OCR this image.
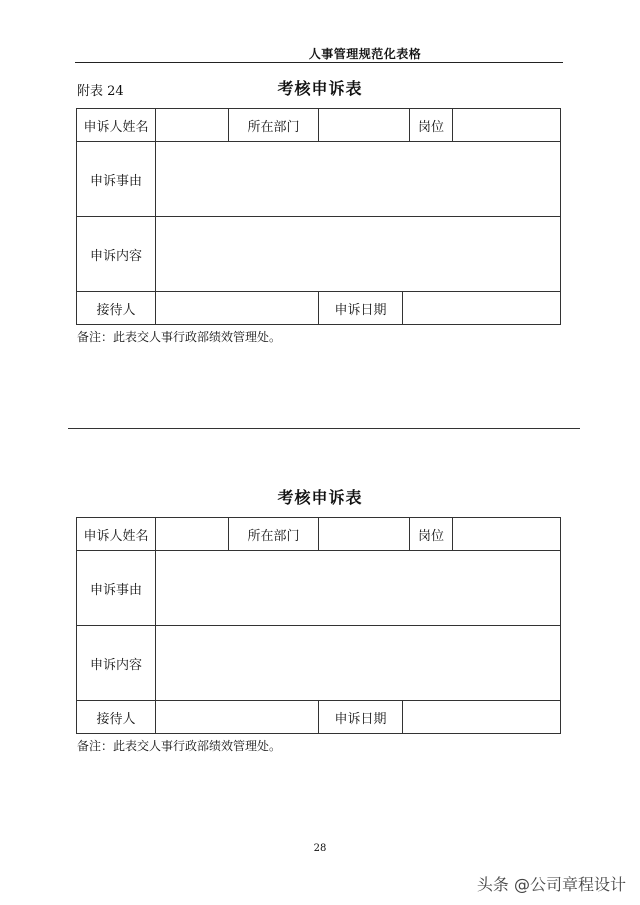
人事管理规范化表格
附表 24	考核申诉表
申诉人姓名		所在部门			岗位	
申诉事由						
申诉内容						
接待人			申诉日期			
备注：此表交人事行政部绩效管理处。
考核申诉表
申诉人姓名		所在部门			岗位	
申诉事由						
申诉内容						
接待人			申诉日期			
备注：此表交人事行政部绩效管理处。
28
头条 @公司章程设计
